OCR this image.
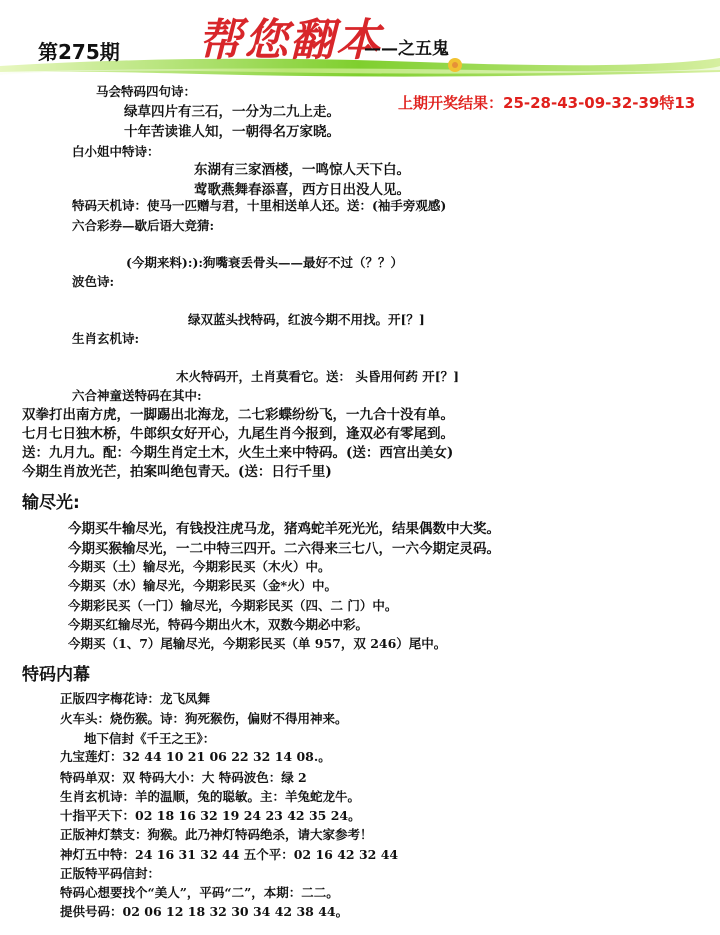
第275期 帮您翻本
——之五鬼
上期开奖结果：25-28-43-09-32-39特13
马会特码四句诗：
绿草四片有三石，一分为二九上走。
十年苦读谁人知，一朝得名万家晓。
白小姐中特诗：
东湖有三家酒楼，一鸣惊人天下白。
莺歌燕舞春添喜，西方日出没人见。
特码天机诗：使马一匹赠与君，十里相送单人还。送：(袖手旁观感)
六合彩券—歇后语大竞猜:
(今期来料):):狗嘴衰丢骨头——最好不过（？？）
波色诗:
绿双蓝头找特码，红波今期不用找。开[？]
生肖玄机诗:
木火特码开，土肖莫看它。送： 头昏用何药 开[？]
六合神童送特码在其中:
双拳打出南方虎，一脚踢出北海龙，二七彩蝶纷纷飞，一九合十没有单。
七月七日独木桥，牛郎织女好开心，九尾生肖今报到，逢双必有零尾到。
送：九月九。配：今期生肖定土木，火生土来中特码。(送：西宫出美女)
今期生肖放光芒，拍案叫绝包青天。(送：日行千里)
输尽光:
今期买牛输尽光，有钱投注虎马龙，猪鸡蛇羊死光光，结果偶数中大奖。
今期买猴输尽光，一二中特三四开。二六得来三七八，一六今期定灵码。
今期买（土）输尽光，今期彩民买（木火）中。
今期买（水）输尽光，今期彩民买（金*火）中。
今期彩民买（一门）输尽光，今期彩民买（四、二 门）中。
今期买红输尽光，特码今期出火木，双数今期必中彩。
今期买（1、7）尾输尽光，今期彩民买（单 957，双 246）尾中。
特码内幕
正版四字梅花诗：龙飞凤舞
火车头：烧伤猴。诗：狗死猴伤，偏财不得用神来。
地下信封《千王之王》：
九宝莲灯：32 44 10 21 06 22 32 14 08.。
特码单双：双 特码大小：大 特码波色：绿 2
生肖玄机诗：羊的温顺，兔的聪敏。主：羊兔蛇龙牛。
十指平天下：02 18 16 32 19 24 23 42 35 24。
正版神灯禁支：狗猴。此乃神灯特码绝杀，请大家参考！
神灯五中特：24 16 31 32 44 五个平：02 16 42 32 44
正版特平码信封：
特码心想要找个“美人”，平码“二”，本期：二二。
提供号码：02 06 12 18 32 30 34 42 38 44。
